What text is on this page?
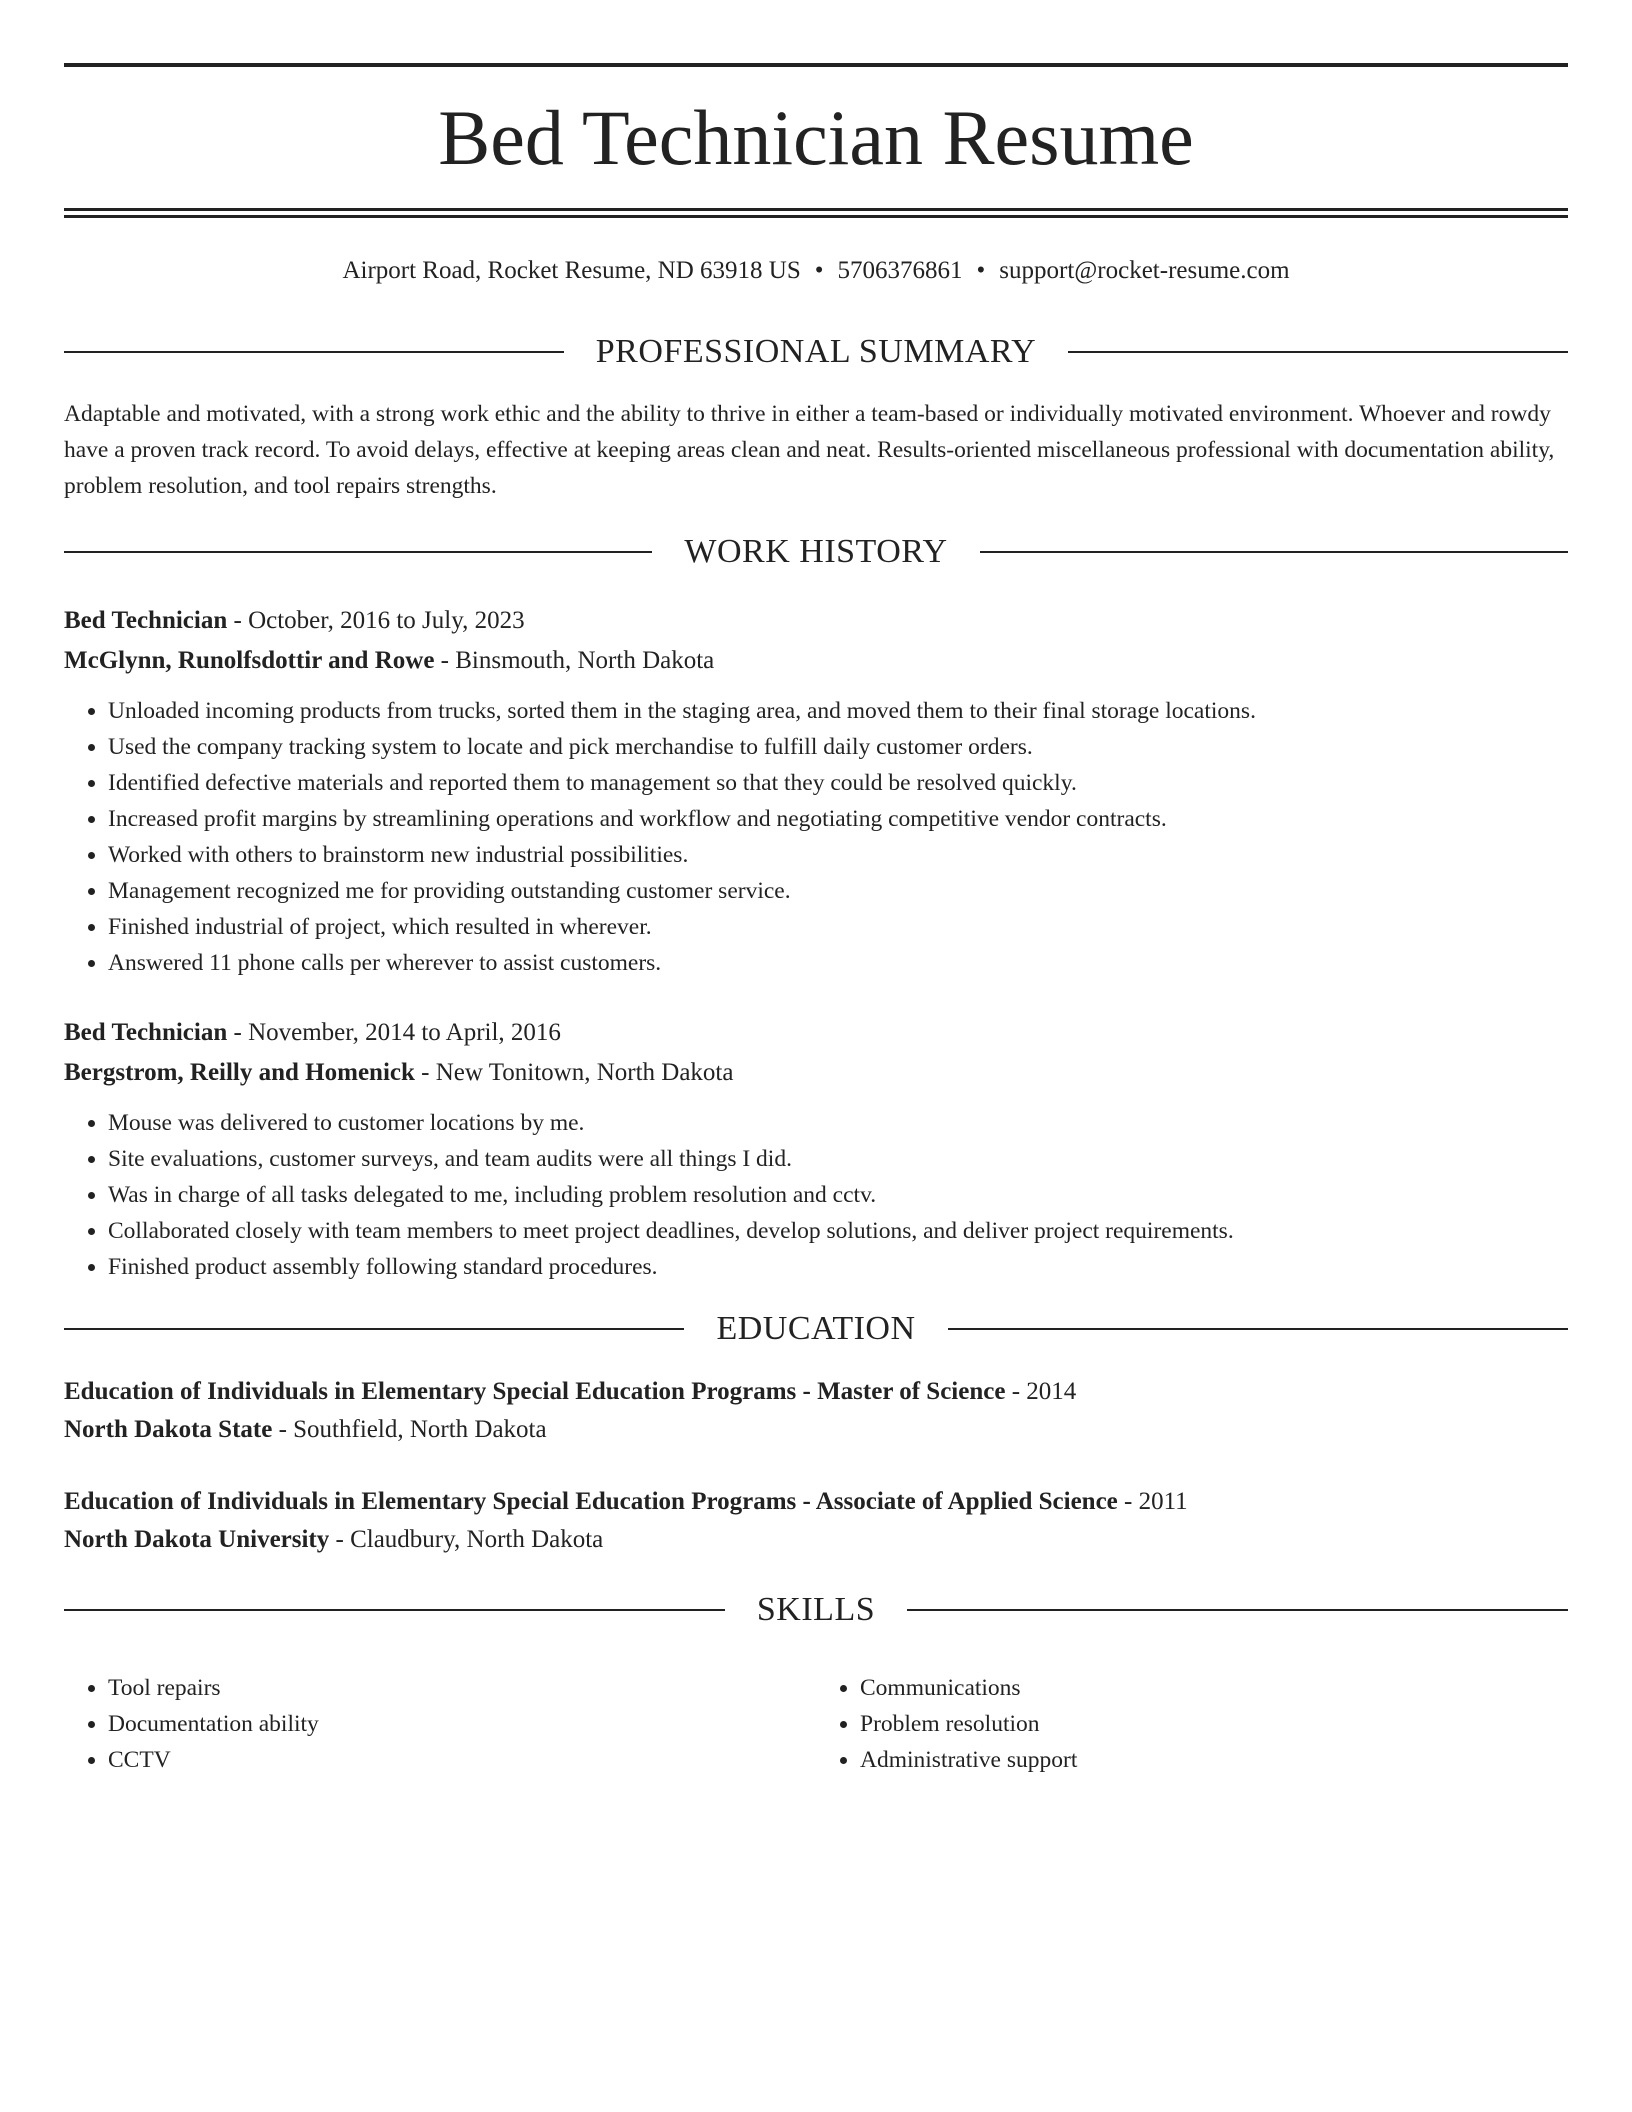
Bed Technician Resume
Airport Road, Rocket Resume, ND 63918 US • 5706376861 • support@rocket-resume.com
PROFESSIONAL SUMMARY

Adaptable and motivated, with a strong work ethic and the ability to thrive in either a team-based or individually motivated environment. Whoever and rowdy have a proven track record. To avoid delays, effective at keeping areas clean and neat. Results-oriented miscellaneous professional with documentation ability, problem resolution, and tool repairs strengths.

WORK HISTORY

Bed Technician - October, 2016 to July, 2023

McGlynn, Runolfsdottir and Rowe - Binsmouth, North Dakota

• Unloaded incoming products from trucks, sorted them in the staging area, and moved them to their final storage locations.
• Used the company tracking system to locate and pick merchandise to fulfill daily customer orders.
• Identified defective materials and reported them to management so that they could be resolved quickly.
• Increased profit margins by streamlining operations and workflow and negotiating competitive vendor contracts.
• Worked with others to brainstorm new industrial possibilities.
• Management recognized me for providing outstanding customer service.
• Finished industrial of project, which resulted in wherever.
• Answered 11 phone calls per wherever to assist customers.

Bed Technician - November, 2014 to April, 2016

Bergstrom, Reilly and Homenick - New Tonitown, North Dakota

• Mouse was delivered to customer locations by me.
• Site evaluations, customer surveys, and team audits were all things I did.
• Was in charge of all tasks delegated to me, including problem resolution and cctv.
• Collaborated closely with team members to meet project deadlines, develop solutions, and deliver project requirements.
• Finished product assembly following standard procedures.
EDUCATION

Education of Individuals in Elementary Special Education Programs - Master of Science - 2014

North Dakota State - Southfield, North Dakota

Education of Individuals in Elementary Special Education Programs - Associate of Applied Science - 2011

North Dakota University - Claudbury, North Dakota

SKILLS
• Tool repairs
• Documentation ability
• CCTV
• Communications
• Problem resolution
• Administrative support
